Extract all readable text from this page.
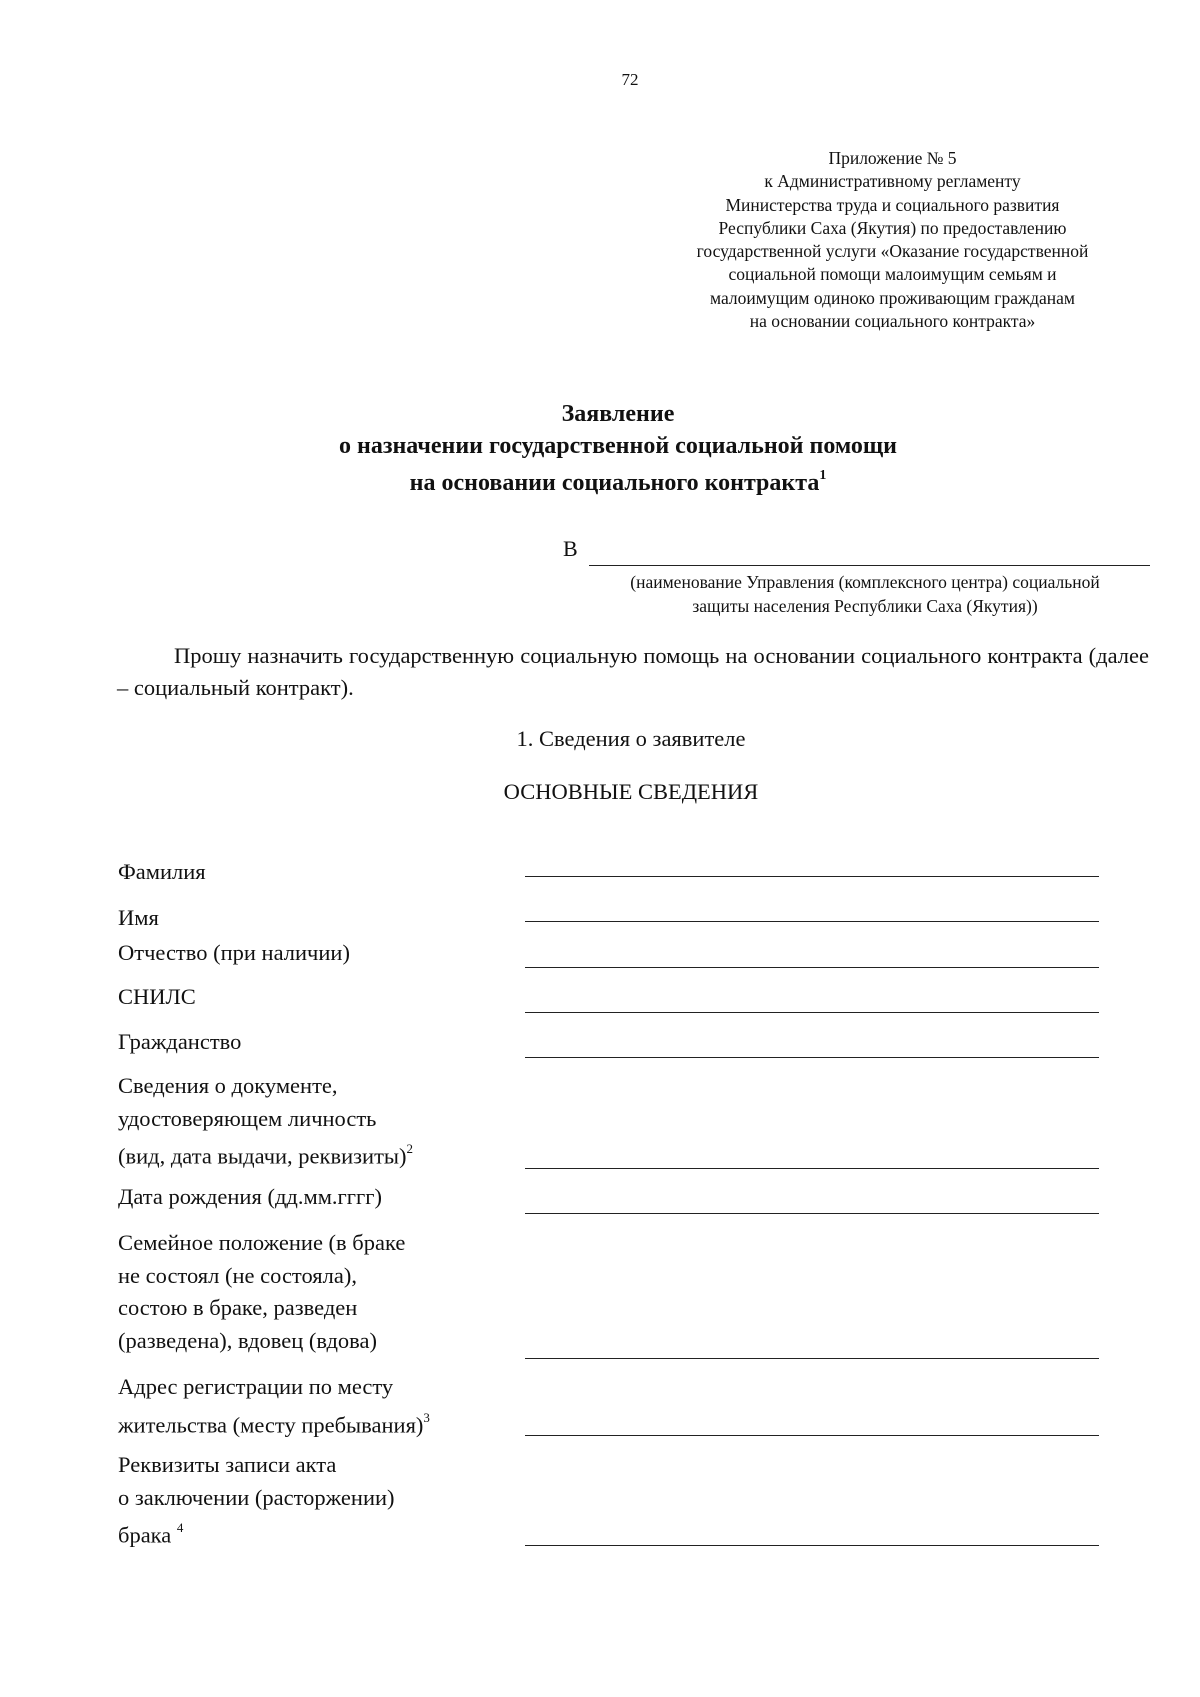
72
Приложение № 5
к Административному регламенту
Министерства труда и социального развития
Республики Саха (Якутия) по предоставлению
государственной услуги «Оказание государственной
социальной помощи малоимущим семьям и
малоимущим одиноко проживающим гражданам
на основании социального контракта»
Заявление
о назначении государственной социальной помощи
на основании социального контракта$^1$
В
(наименование Управления (комплексного центра) социальной
защиты населения Республики Саха (Якутия))
Прошу назначить государственную социальную помощь на основании социального контракта (далее – социальный контракт).
1. Сведения о заявителе
ОСНОВНЫЕ СВЕДЕНИЯ
Фамилия
Имя
Отчество (при наличии)
СНИЛС
Гражданство
Сведения о документе,
удостоверяющем личность
(вид, дата выдачи, реквизиты)$^2$
Дата рождения (дд.мм.гггг)
Семейное положение (в браке
не состоял (не состояла),
состою в браке, разведен
(разведена), вдовец (вдова)
Адрес регистрации по месту
жительства (месту пребывания)$^3$
Реквизиты записи акта
о заключении (расторжении)
брака $^4$
